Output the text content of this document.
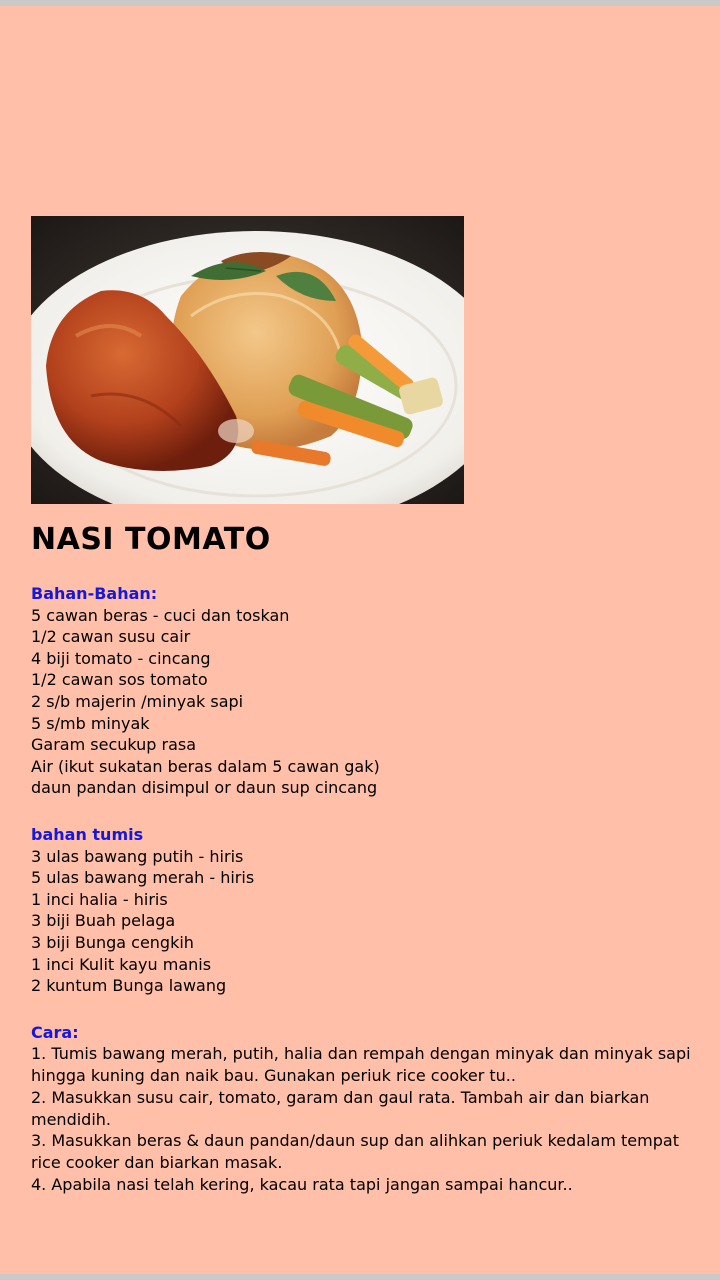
NASI TOMATO
Bahan-Bahan:
5 cawan beras - cuci dan toskan
1/2 cawan susu cair
4 biji tomato - cincang
1/2 cawan sos tomato
2 s/b majerin /minyak sapi
5 s/mb minyak
Garam secukup rasa
Air (ikut sukatan beras dalam 5 cawan gak)
daun pandan disimpul or daun sup cincang
bahan tumis
3 ulas bawang putih - hiris
5 ulas bawang merah - hiris
1 inci halia - hiris
3 biji Buah pelaga
3 biji Bunga cengkih
1 inci Kulit kayu manis
2 kuntum Bunga lawang
Cara:
1. Tumis bawang merah, putih, halia dan rempah dengan minyak dan minyak sapi hingga kuning dan naik bau. Gunakan periuk rice cooker tu..
2. Masukkan susu cair, tomato, garam dan gaul rata. Tambah air dan biarkan mendidih.
3. Masukkan beras & daun pandan/daun sup dan alihkan periuk kedalam tempat rice cooker dan biarkan masak.
4. Apabila nasi telah kering, kacau rata tapi jangan sampai hancur..
